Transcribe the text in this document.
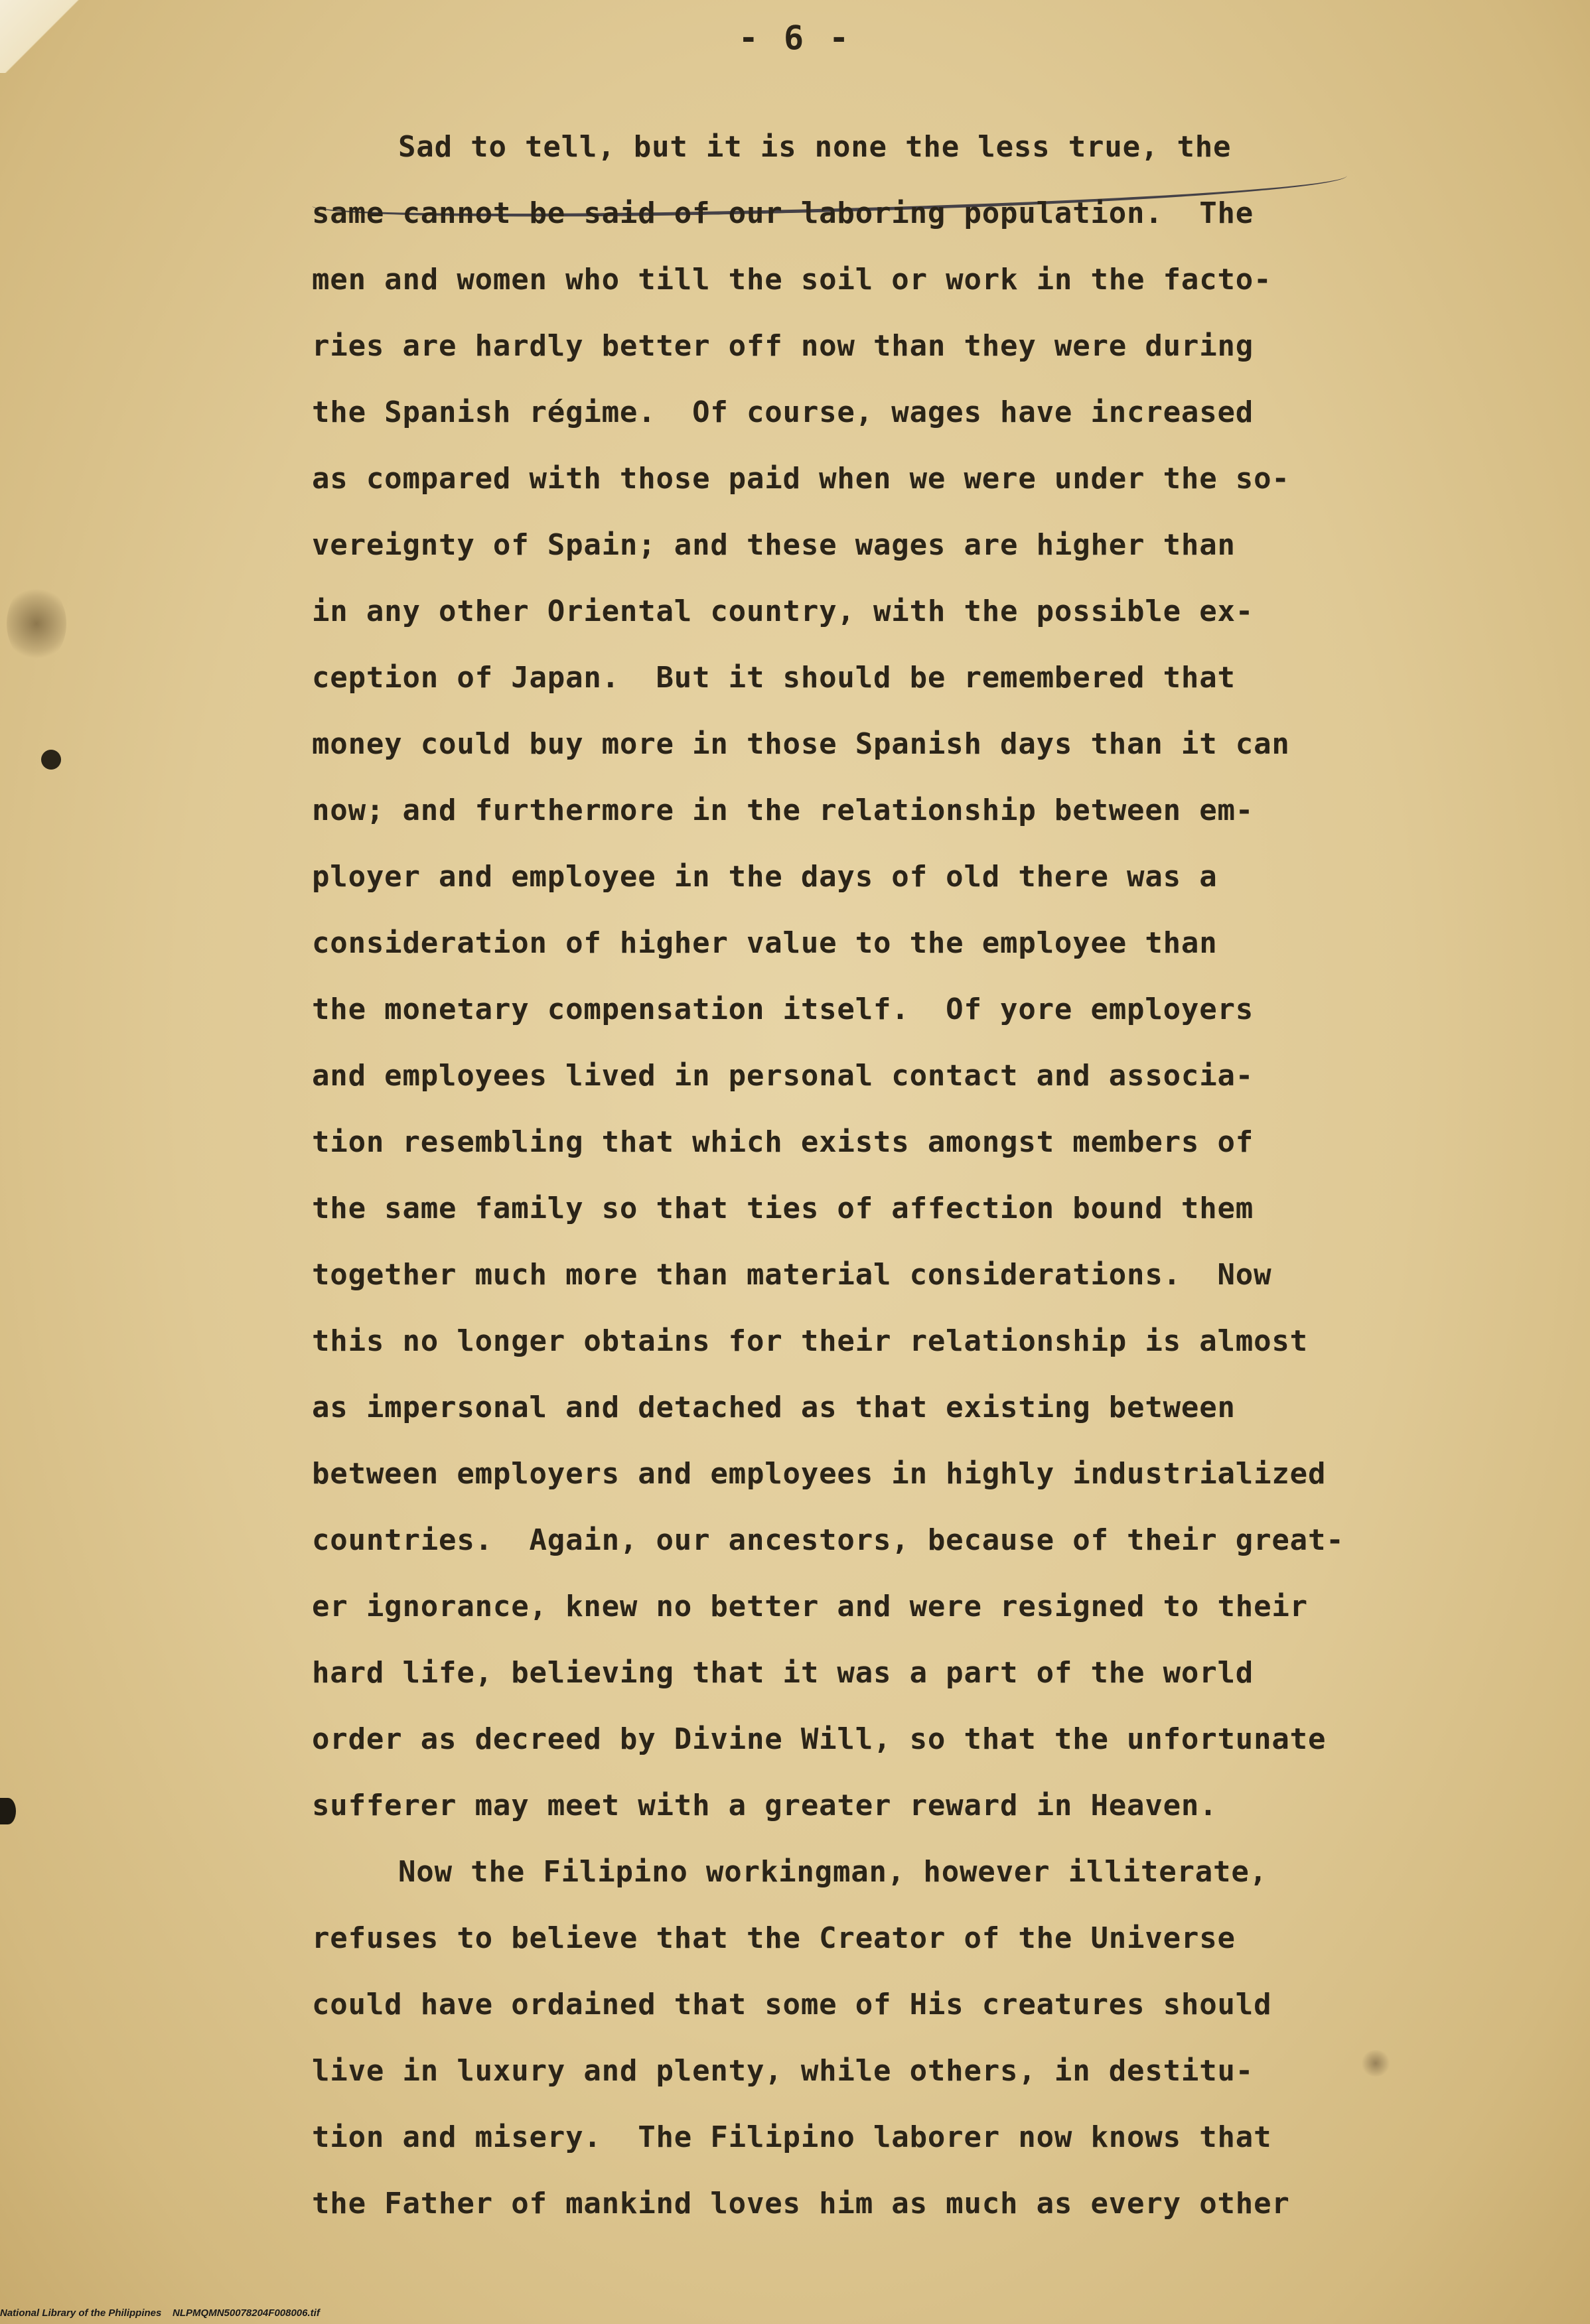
- 6 -
Sad to tell, but it is none the less true, the
same cannot be said of our laboring population.  The
men and women who till the soil or work in the facto-
ries are hardly better off now than they were during
the Spanish régime.  Of course, wages have increased
as compared with those paid when we were under the so-
vereignty of Spain; and these wages are higher than
in any other Oriental country, with the possible ex-
ception of Japan.  But it should be remembered that
money could buy more in those Spanish days than it can
now; and furthermore in the relationship between em-
ployer and employee in the days of old there was a
consideration of higher value to the employee than
the monetary compensation itself.  Of yore employers
and employees lived in personal contact and associa-
tion resembling that which exists amongst members of
the same family so that ties of affection bound them
together much more than material considerations.  Now
this no longer obtains for their relationship is almost
as impersonal and detached as that existing between
between employers and employees in highly industrialized
countries.  Again, our ancestors, because of their great-
er ignorance, knew no better and were resigned to their
hard life, believing that it was a part of the world
order as decreed by Divine Will, so that the unfortunate
sufferer may meet with a greater reward in Heaven.
Now the Filipino workingman, however illiterate,
refuses to believe that the Creator of the Universe
could have ordained that some of His creatures should
live in luxury and plenty, while others, in destitu-
tion and misery.  The Filipino laborer now knows that
the Father of mankind loves him as much as every other
National Library of the Philippines NLPMQMN50078204F008006.tif
